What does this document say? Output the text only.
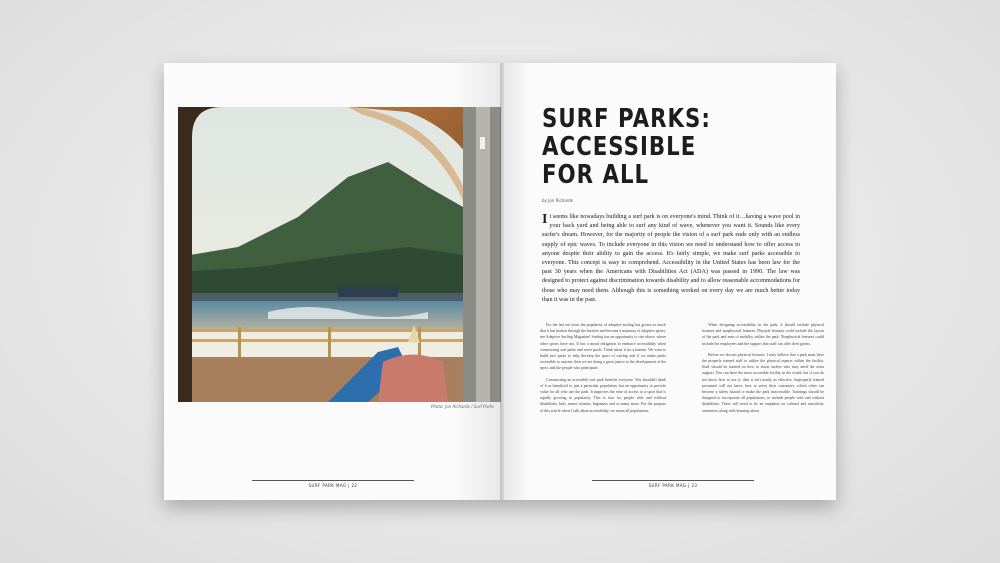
Photo: Jon Richards / Surf Parks
SURF PARK MAG | 22
SURF PARKS:
ACCESSIBLE
FOR ALL
by Jon Richards

It seems like nowadays building a surf park is on everyone's mind. Think of it…having a wave pool in your back yard and being able to surf any kind of wave, whenever you want it. Sounds like every surfer's dream. However, for the majority of people the vision of a surf park ends only with an endless supply of epic waves. To include everyone in this vision we need to understand how to offer access to anyone despite their ability to gain the access. It's fairly simple, we make surf parks accessible to everyone. This concept is easy to comprehend. Accessibility in the United States has been law for the past 30 years when the Americans with Disabilities Act (ADA) was passed in 1990. The law was designed to protect against discrimination towards disability and to allow reasonable accommodations for those who may need them. Although this is something worked on every day we are much better today than it was in the past.

For the last ten years the popularity of adaptive surfing has grown so much that it has broken through the barriers and become a mainstay of adaptive sports, see Adaptive Surfing Magazine! Surfing has an opportunity to rise above, where other sports have not. It has a moral obligation to embrace accessibility when constructing surf parks and wave pools. Think about it for a minute. We want to build surf parks to help develop the sport of surfing and if we make parks accessible to anyone, then we are doing a great justice to the development of the sport, and the people who participate.

Constructing an accessible surf park benefits everyone. You shouldn't think of it as beneficial to just a particular population, but an opportunity to provide value for all who use the park. It improves the ease of access to a sport that is rapidly growing in popularity. This is true for people with and without disabilities, kids, senior citizens, beginners and so many more. For the purpose of this article when I talk about accessibility, we mean all populations.

When designing accessibility in the park, it should include physical features and nonphysical features. Physical features could include the layout of the park and ease of mobility within the park. Nonphysical features could include the employees and the support that staff can offer their guests.

Before we discuss physical features, I truly believe that a park must have the properly trained staff to utilize the physical aspects within the facility. Staff should be trained on how to assist surfers who may need the extra support. You can have the most accessible facility in the world, but if you do not know how to use it, then it isn't nearly as effective. Improperly trained personnel will not know how to serve their customers, which often can become a safety hazard or make the park inaccessible. Trainings should be designed to incorporate all populations, to include people with and without disabilities. There will need to be an emphasis on cultural and sensitivity awareness along with learning about

SURF PARK MAG | 23
